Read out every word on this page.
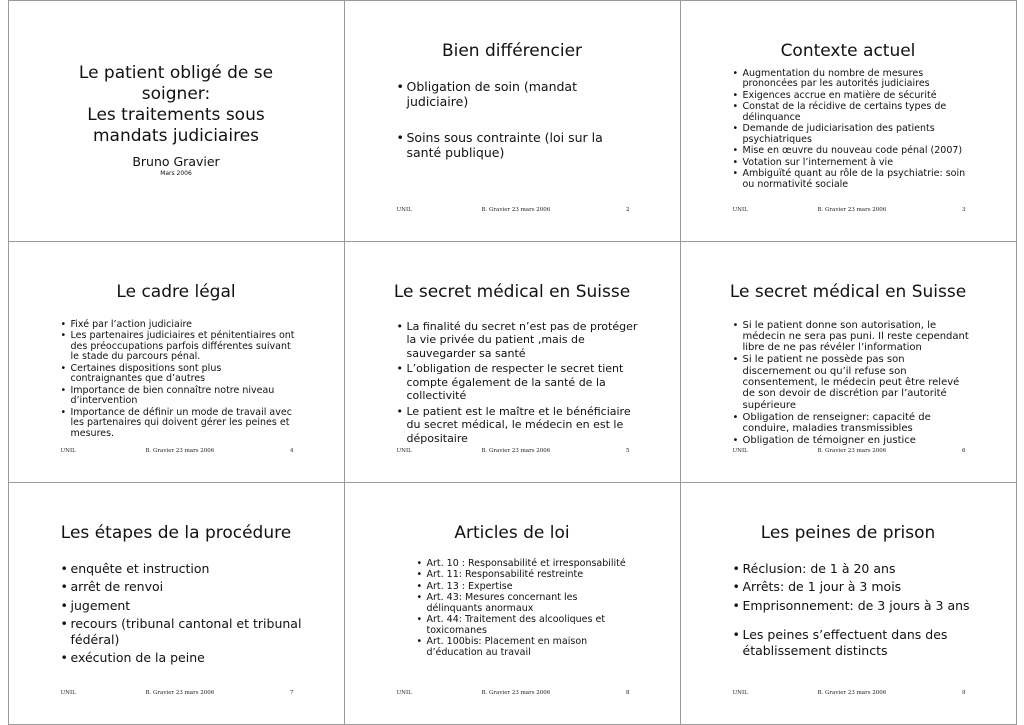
Le patient obligé de se
soigner:
Les traitements sous
mandats judiciaires
Bruno Gravier
Mars 2006
Bien différencier
• Obligation de soin (mandat judiciaire)
• Soins sous contrainte (loi sur la santé publique)
UNIL	B. Gravier 23 mars 2006	2
Contexte actuel
• Augmentation du nombre de mesures prononcées par les autorités judiciaires
• Exigences accrue en matière de sécurité
• Constat de la récidive de certains types de délinquance
• Demande de judiciarisation des patients psychiatriques
• Mise en œuvre du nouveau code pénal (2007)
• Votation sur l’internement à vie
• Ambiguïté quant au rôle de la psychiatrie: soin ou normativité sociale
UNIL	B. Gravier 23 mars 2006	3
Le cadre légal
• Fixé par l’action judiciaire
• Les partenaires judiciaires et pénitentiaires ont des préoccupations parfois différentes suivant le stade du parcours pénal.
• Certaines dispositions sont plus contraignantes que d’autres
• Importance de bien connaître notre niveau d’intervention
• Importance de définir un mode de travail avec les partenaires qui doivent gérer les peines et mesures.
UNIL	B. Gravier 23 mars 2006	4
Le secret médical en Suisse
• La finalité du secret n’est pas de protéger la vie privée du patient ,mais de sauvegarder sa santé
• L’obligation de respecter le secret tient compte également de la santé de la collectivité
• Le patient est le maître et le bénéficiaire du secret médical, le médecin en est le dépositaire
UNIL	B. Gravier 23 mars 2006	5
Le secret médical en Suisse
• Si le patient donne son autorisation, le médecin ne sera pas puni. Il reste cependant libre de ne pas révéler l’information
• Si le patient ne possède pas son discernement ou qu’il refuse son consentement, le médecin peut être relevé de son devoir de discrétion par l’autorité supérieure
• Obligation de renseigner: capacité de conduire, maladies transmissibles
• Obligation de témoigner en justice
UNIL	B. Gravier 23 mars 2006	6
Les étapes de la procédure
• enquête et instruction
• arrêt de renvoi
• jugement
• recours (tribunal cantonal et tribunal fédéral)
• exécution de la peine
UNIL	B. Gravier 23 mars 2006	7
Articles de loi
• Art. 10 : Responsabilité et irresponsabilité
• Art. 11: Responsabilité restreinte
• Art. 13 : Expertise
• Art. 43: Mesures concernant les délinquants anormaux
• Art. 44: Traitement des alcooliques et toxicomanes
• Art. 100bis: Placement en maison d’éducation au travail
UNIL	B. Gravier 23 mars 2006	8
Les peines de prison
• Réclusion: de 1 à 20 ans
• Arrêts: de 1 jour à 3 mois
• Emprisonnement: de 3 jours à 3 ans
• Les peines s’effectuent dans des établissement distincts
UNIL	B. Gravier 23 mars 2006	9
